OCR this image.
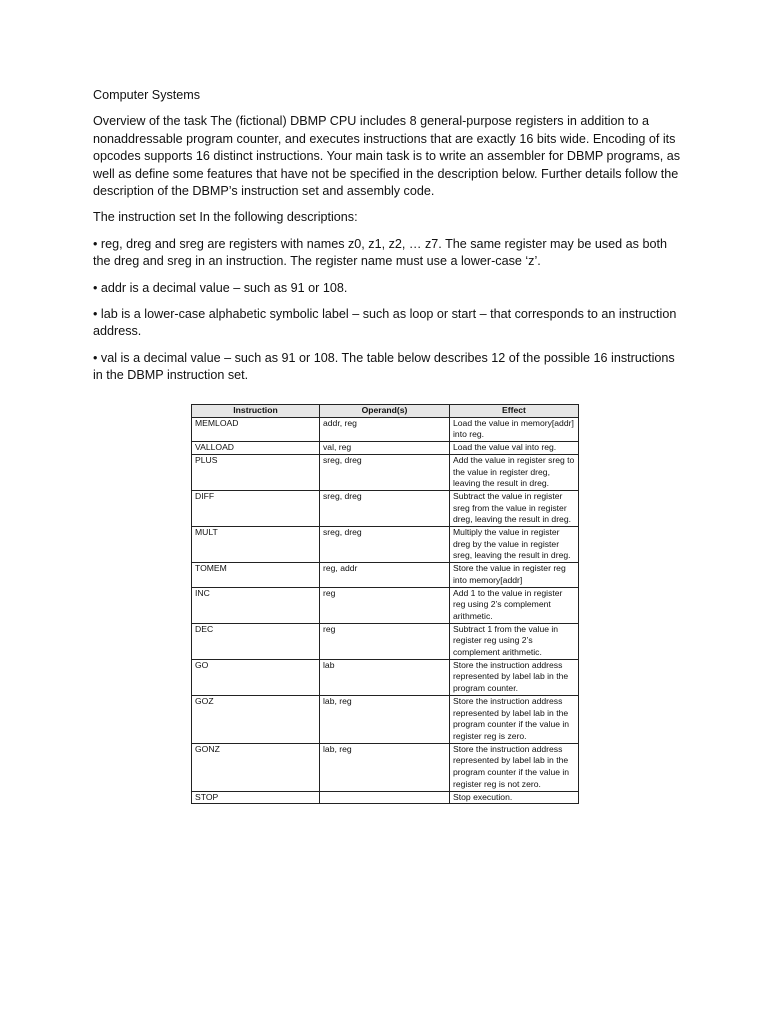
Computer Systems

Overview of the task The (fictional) DBMP CPU includes 8 general-purpose registers in addition to a nonaddressable program counter, and executes instructions that are exactly 16 bits wide. Encoding of its opcodes supports 16 distinct instructions. Your main task is to write an assembler for DBMP programs, as well as define some features that have not be specified in the description below. Further details follow the description of the DBMP’s instruction set and assembly code.

The instruction set In the following descriptions:

• reg, dreg and sreg are registers with names z0, z1, z2, … z7. The same register may be used as both the dreg and sreg in an instruction. The register name must use a lower-case ‘z’.

• addr is a decimal value – such as 91 or 108.

• lab is a lower-case alphabetic symbolic label – such as loop or start – that corresponds to an instruction address.

• val is a decimal value – such as 91 or 108. The table below describes 12 of the possible 16 instructions in the DBMP instruction set.

Instruction	Operand(s)	Effect
MEMLOAD	addr, reg	Load the value in memory[addr] into reg.
VALLOAD	val, reg	Load the value val into reg.
PLUS	sreg, dreg	Add the value in register sreg to the value in register dreg, leaving the result in dreg.
DIFF	sreg, dreg	Subtract the value in register sreg from the value in register dreg, leaving the result in dreg.
MULT	sreg, dreg	Multiply the value in register dreg by the value in register sreg, leaving the result in dreg.
TOMEM	reg, addr	Store the value in register reg into memory[addr]
INC	reg	Add 1 to the value in register reg using 2’s complement arithmetic.
DEC	reg	Subtract 1 from the value in register reg using 2’s complement arithmetic.
GO	lab	Store the instruction address represented by label lab in the program counter.
GOZ	lab, reg	Store the instruction address represented by label lab in the program counter if the value in register reg is zero.
GONZ	lab, reg	Store the instruction address represented by label lab in the program counter if the value in register reg is not zero.
STOP		Stop execution.
